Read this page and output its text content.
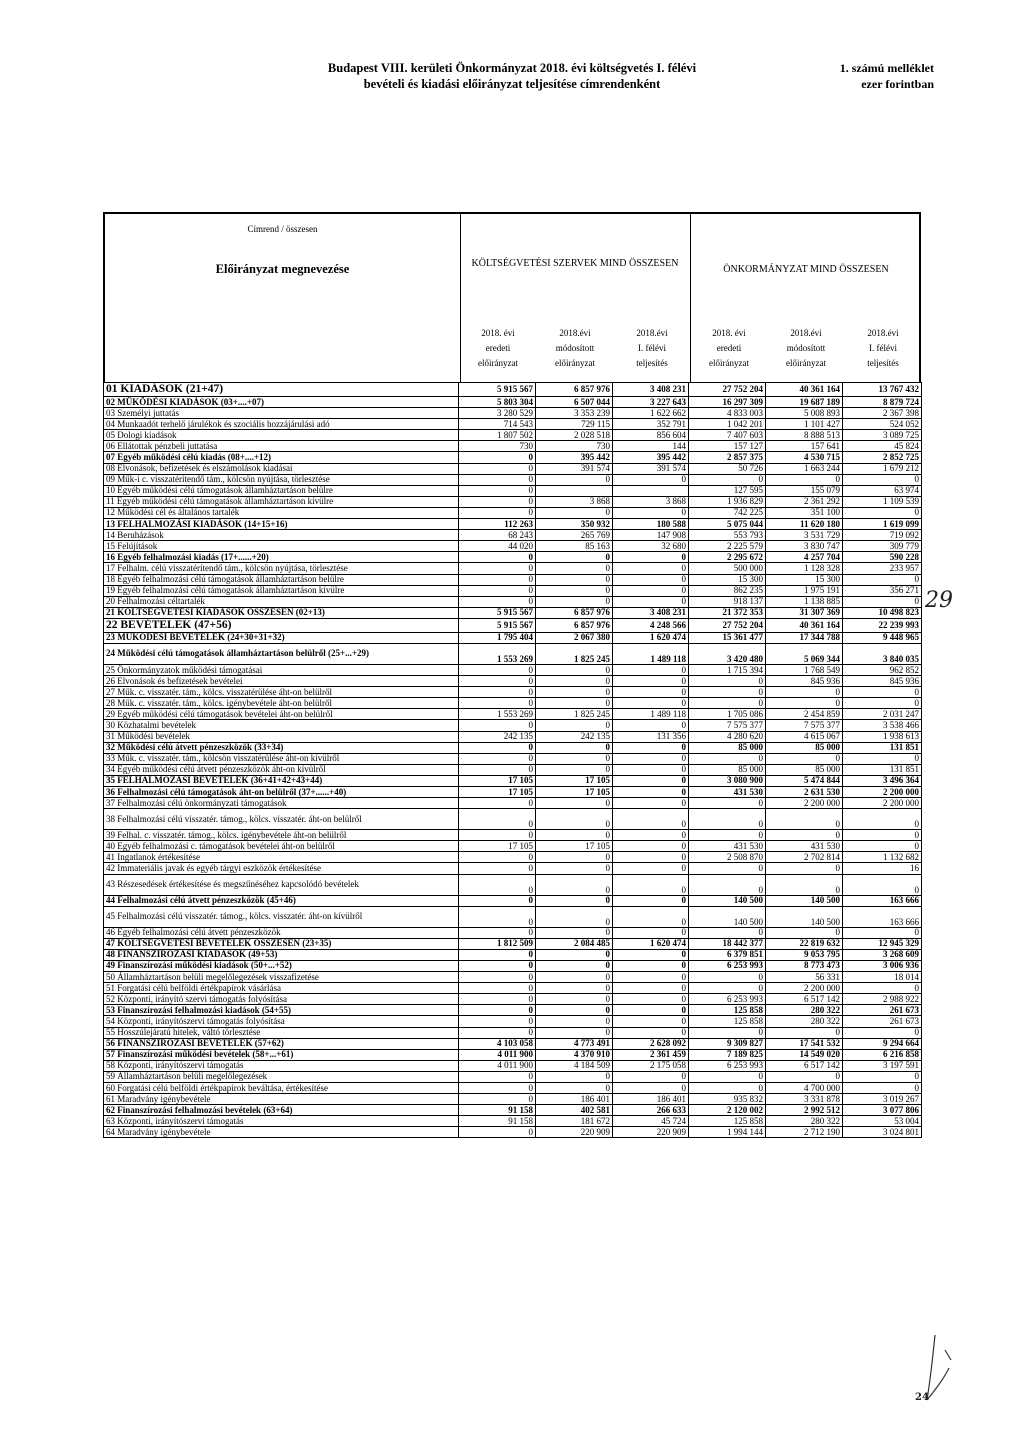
Budapest VIII. kerületi Önkormányzat 2018. évi költségvetés I. félévi
bevételi és kiadási előirányzat teljesítése címrendenként
1. számú melléklet
ezer forintban
Címrend / összesen
Előirányzat megnevezése	KÖLTSÉGVETÉSI SZERVEK MIND ÖSSZESEN
ÖNKORMÁNYZAT MIND ÖSSZESEN
2018. évi
eredeti
előirányzat
2018.évi
módosított
előirányzat
2018.évi
I. félévi
teljesítés
2018. évi
eredeti
előirányzat
2018.évi
módosított
előirányzat
2018.évi
I. félévi
teljesítés
01 KIADÁSOK (21+47)	5 915 567	6 857 976	3 408 231	27 752 204	40 361 164	13 767 432
02 MŰKÖDÉSI KIADÁSOK (03+....+07)	5 803 304	6 507 044	3 227 643	16 297 309	19 687 189	8 879 724
03 Személyi juttatás	3 280 529	3 353 239	1 622 662	4 833 003	5 008 893	2 367 398
04 Munkaadót terhelő járulékok és szociális hozzájárulási adó	714 543	729 115	352 791	1 042 201	1 101 427	524 052
05 Dologi kiadások	1 807 502	2 028 518	856 604	7 407 603	8 888 513	3 089 725
06 Ellátottak pénzbeli juttatása	730	730	144	157 127	157 641	45 824
07 Egyéb működési célú kiadás (08+....+12)	0	395 442	395 442	2 857 375	4 530 715	2 852 725
08 Elvonások, befizetések és elszámolások kiadásai	0	391 574	391 574	50 726	1 663 244	1 679 212
09 Műk-i c. visszatérítendő tám., kölcsön nyújtása, törlesztése	0	0	0	0	0	0
10 Egyéb működési célú támogatások államháztartáson belülre	0			127 595	155 079	63 974
11 Egyéb működési célú támogatások államháztartáson kívülre	0	3 868	3 868	1 936 829	2 361 292	1 109 539
12 Működési cél és általános tartalék	0	0	0	742 225	351 100	0
13 FELHALMOZÁSI KIADÁSOK (14+15+16)	112 263	350 932	180 588	5 075 044	11 620 180	1 619 099
14 Beruházások	68 243	265 769	147 908	553 793	3 531 729	719 092
15 Felújítások	44 020	85 163	32 680	2 225 579	3 830 747	309 779
16 Egyéb felhalmozási kiadás (17+......+20)	0	0	0	2 295 672	4 257 704	590 228
17 Felhalm. célú visszatérítendő tám., kölcsön nyújtása, törlesztése	0	0	0	500 000	1 128 328	233 957
18 Egyéb felhalmozási célú támogatások államháztartáson belülre	0	0	0	15 300	15 300	0
19 Egyéb felhalmozási célú támogatások államháztartáson kívülre	0	0	0	862 235	1 975 191	356 271
20 Felhalmozási céltartalék	0	0	0	918 137	1 138 885	0
21 KÖLTSÉGVETÉSI KIADÁSOK ÖSSZESEN (02+13)	5 915 567	6 857 976	3 408 231	21 372 353	31 307 369	10 498 823
22 BEVÉTELEK (47+56)	5 915 567	6 857 976	4 248 566	27 752 204	40 361 164	22 239 993
23 MŰKÖDÉSI BEVÉTELEK (24+30+31+32)	1 795 404	2 067 380	1 620 474	15 361 477	17 344 788	9 448 965
24 Működési célú támogatások államháztartáson belülről (25+...+29)	1 553 269	1 825 245	1 489 118	3 420 480	5 069 344	3 840 035
25 Önkormányzatok működési támogatásai	0	0	0	1 715 394	1 768 549	962 852
26 Elvonások és befizetések bevételei	0	0	0	0	845 936	845 936
27 Műk. c. visszatér. tám., kölcs. visszatérülése áht-on belülről	0	0	0	0	0	0
28 Műk. c. visszatér. tám., kölcs. igénybevétele áht-on belülről	0	0	0	0	0	0
29 Egyéb működési célú támogatások bevételei áht-on belülről	1 553 269	1 825 245	1 489 118	1 705 086	2 454 859	2 031 247
30 Közhatalmi bevételek	0	0	0	7 575 377	7 575 377	3 538 466
31 Működési bevételek	242 135	242 135	131 356	4 280 620	4 615 067	1 938 613
32 Működési célú átvett pénzeszközök (33+34)	0	0	0	85 000	85 000	131 851
33 Műk. c. visszatér. tám., kölcsön visszatérülése áht-on kívülről	0	0	0	0	0	0
34 Egyéb működési célú átvett pénzeszközök áht-on kívülről	0	0	0	85 000	85 000	131 851
35 FELHALMOZÁSI BEVÉTELEK (36+41+42+43+44)	17 105	17 105	0	3 080 900	5 474 844	3 496 364
36 Felhalmozási célú támogatások áht-on belülről (37+......+40)	17 105	17 105	0	431 530	2 631 530	2 200 000
37 Felhalmozási célú önkormányzati támogatások	0	0	0	0	2 200 000	2 200 000
38 Felhalmozási célú visszatér. támog., kölcs. visszatér. áht-on belülről	0	0	0	0	0	0
39 Felhal. c. visszatér. támog., kölcs. igénybevétele áht-on belülről	0	0	0	0	0	0
40 Egyéb felhalmozási c. támogatások bevételei áht-on belülről	17 105	17 105	0	431 530	431 530	0
41 Ingatlanok értékesítése	0	0	0	2 508 870	2 702 814	1 132 682
42 Immateriális javak és egyéb tárgyi eszközök értékesítése	0	0	0	0	0	16
43 Részesedések értékesítése és megszűnéséhez kapcsolódó bevételek	0	0	0	0	0	0
44 Felhalmozási célú átvett pénzeszközök (45+46)	0	0	0	140 500	140 500	163 666
45 Felhalmozási célú visszatér. támog., kölcs. visszatér. áht-on kívülről	0	0	0	140 500	140 500	163 666
46 Egyéb felhalmozási célú átvett pénzeszközök	0	0	0	0	0	0
47 KÖLTSÉGVETÉSI BEVÉTELEK ÖSSZESEN (23+35)	1 812 509	2 084 485	1 620 474	18 442 377	22 819 632	12 945 329
48 FINANSZÍROZÁSI KIADÁSOK (49+53)	0	0	0	6 379 851	9 053 795	3 268 609
49 Finanszírozási működési kiadások (50+...+52)	0	0	0	6 253 993	8 773 473	3 006 936
50 Államháztartáson belüli megelőlegezések visszafizetése	0	0	0	0	56 331	18 014
51 Forgatási célú belföldi értékpapírok vásárlása	0	0	0	0	2 200 000	0
52 Központi, irányító szervi támogatás folyósítása	0	0	0	6 253 993	6 517 142	2 988 922
53 Finanszírozási felhalmozási kiadások (54+55)	0	0	0	125 858	280 322	261 673
54 Központi, irányítószervi támogatás folyósítása	0	0	0	125 858	280 322	261 673
55 Hosszúlejáratú hitelek, váltó törlesztése	0	0	0	0	0	0
56 FINANSZÍROZÁSI BEVÉTELEK (57+62)	4 103 058	4 773 491	2 628 092	9 309 827	17 541 532	9 294 664
57 Finanszírozási működési bevételek (58+...+61)	4 011 900	4 370 910	2 361 459	7 189 825	14 549 020	6 216 858
58 Központi, irányítószervi támogatás	4 011 900	4 184 509	2 175 058	6 253 993	6 517 142	3 197 591
59 Államháztartáson belüli megelőlegezések	0	0	0	0	0	0
60 Forgatási célú belföldi értékpapírok beváltása, értékesítése	0	0	0	0	4 700 000	0
61 Maradvány igénybevétele	0	186 401	186 401	935 832	3 331 878	3 019 267
62 Finanszírozási felhalmozási bevételek (63+64)	91 158	402 581	266 633	2 120 002	2 992 512	3 077 806
63 Központi, irányítószervi támogatás	91 158	181 672	45 724	125 858	280 322	53 004
64 Maradvány igénybevétele	0	220 909	220 909	1 994 144	2 712 190	3 024 801
29
24
